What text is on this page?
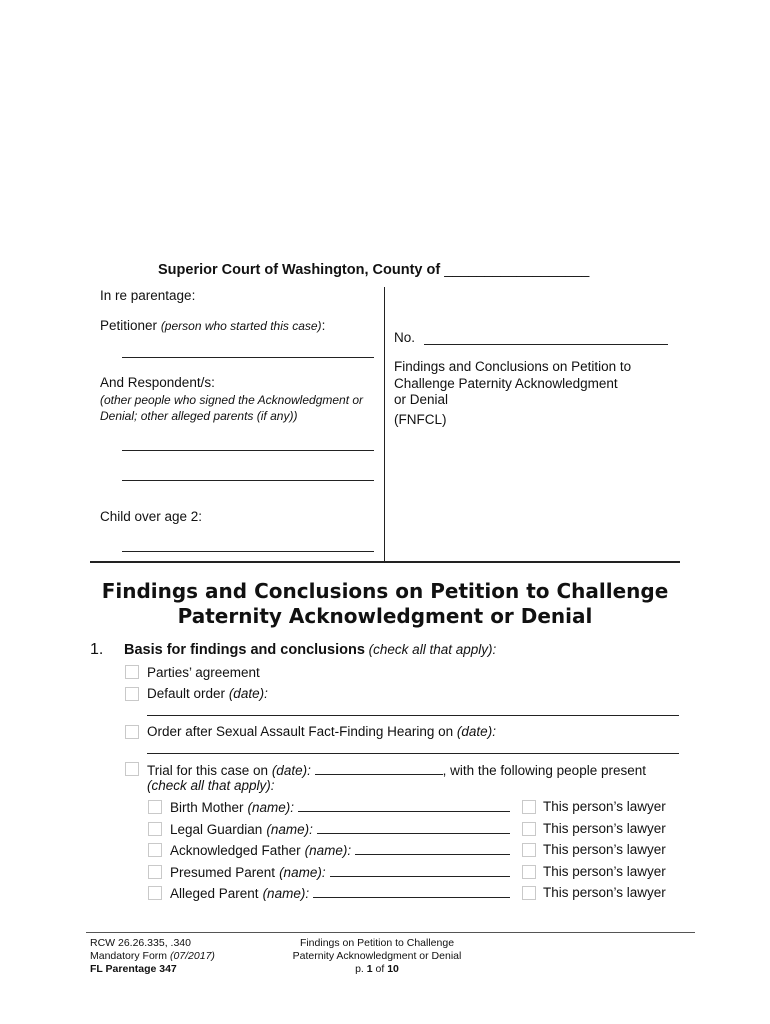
Superior Court of Washington, County of __________________
In re parentage:
Petitioner (person who started this case):
And Respondent/s:
(other people who signed the Acknowledgment or
Denial; other alleged parents (if any))
Child over age 2:
No.
Findings and Conclusions on Petition to
Challenge Paternity Acknowledgment
or Denial
(FNFCL)
Findings and Conclusions on Petition to Challenge
Paternity Acknowledgment or Denial
1. Basis for findings and conclusions (check all that apply):
Parties’ agreement
Default order (date):
Order after Sexual Assault Fact-Finding Hearing on (date):
Trial for this case on (date):	, with the following people present
(check all that apply):
Birth Mother (name):	This person’s lawyer
Legal Guardian (name):	This person’s lawyer
Acknowledged Father (name):	This person’s lawyer
Presumed Parent (name):	This person’s lawyer
Alleged Parent (name):	This person’s lawyer
RCW 26.26.335, .340
Mandatory Form (07/2017)
FL Parentage 347
Findings on Petition to Challenge
Paternity Acknowledgment or Denial
p. 1 of 10
